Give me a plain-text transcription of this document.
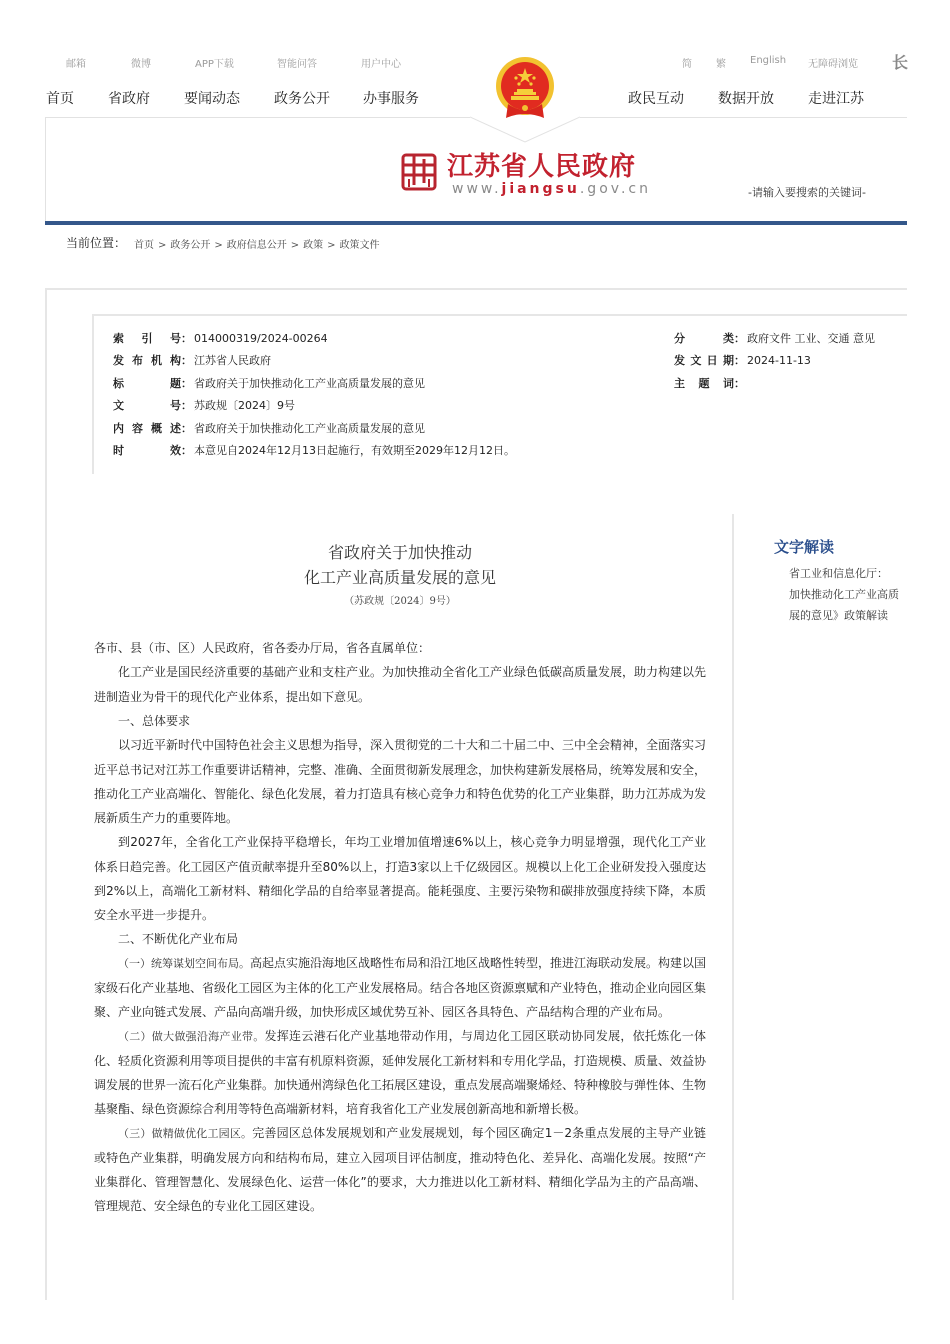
邮箱	微博	APP下载	智能问答	用户中心	简 繁 English 无障碍浏览 长
首页 省政府 要闻动态 政务公开 办事服务	政民互动 数据开放 走进江苏
江苏省人民政府
www.jiangsu.gov.cn	-请输入要搜索的关键词-
当前位置： 首页 > 政务公开 > 政府信息公开 > 政策 > 政策文件
索引号： 014000319/2024-00264
发布机构： 江苏省人民政府
标题： 省政府关于加快推动化工产业高质量发展的意见
文号： 苏政规〔2024〕9号
内容概述： 省政府关于加快推动化工产业高质量发展的意见
时效： 本意见自2024年12月13日起施行，有效期至2029年12月12日。
分类： 政府文件 工业、交通 意见
发文日期： 2024-11-13
主题词：
省政府关于加快推动
化工产业高质量发展的意见
（苏政规〔2024〕9号）
文字解读
省工业和信息化厅：
加快推动化工产业高质
展的意见》政策解读

各市、县（市、区）人民政府，省各委办厅局，省各直属单位：

化工产业是国民经济重要的基础产业和支柱产业。为加快推动全省化工产业绿色低碳高质量发展，助力构建以先进制造业为骨干的现代化产业体系，提出如下意见。

一、总体要求

以习近平新时代中国特色社会主义思想为指导，深入贯彻党的二十大和二十届二中、三中全会精神，全面落实习近平总书记对江苏工作重要讲话精神，完整、准确、全面贯彻新发展理念，加快构建新发展格局，统筹发展和安全，推动化工产业高端化、智能化、绿色化发展，着力打造具有核心竞争力和特色优势的化工产业集群，助力江苏成为发展新质生产力的重要阵地。

到2027年，全省化工产业保持平稳增长，年均工业增加值增速6%以上，核心竞争力明显增强，现代化工产业体系日趋完善。化工园区产值贡献率提升至80%以上，打造3家以上千亿级园区。规模以上化工企业研发投入强度达到2%以上，高端化工新材料、精细化学品的自给率显著提高。能耗强度、主要污染物和碳排放强度持续下降，本质安全水平进一步提升。

二、不断优化产业布局

（一）统筹谋划空间布局。高起点实施沿海地区战略性布局和沿江地区战略性转型，推进江海联动发展。构建以国家级石化产业基地、省级化工园区为主体的化工产业发展格局。结合各地区资源禀赋和产业特色，推动企业向园区集聚、产业向链式发展、产品向高端升级，加快形成区域优势互补、园区各具特色、产品结构合理的产业布局。

（二）做大做强沿海产业带。发挥连云港石化产业基地带动作用，与周边化工园区联动协同发展，依托炼化一体化、轻质化资源利用等项目提供的丰富有机原料资源，延伸发展化工新材料和专用化学品，打造规模、质量、效益协调发展的世界一流石化产业集群。加快通州湾绿色化工拓展区建设，重点发展高端聚烯烃、特种橡胶与弹性体、生物基聚酯、绿色资源综合利用等特色高端新材料，培育我省化工产业发展创新高地和新增长极。

（三）做精做优化工园区。完善园区总体发展规划和产业发展规划，每个园区确定1－2条重点发展的主导产业链或特色产业集群，明确发展方向和结构布局，建立入园项目评估制度，推动特色化、差异化、高端化发展。按照“产业集群化、管理智慧化、发展绿色化、运营一体化”的要求，大力推进以化工新材料、精细化学品为主的产品高端、管理规范、安全绿色的专业化工园区建设。
